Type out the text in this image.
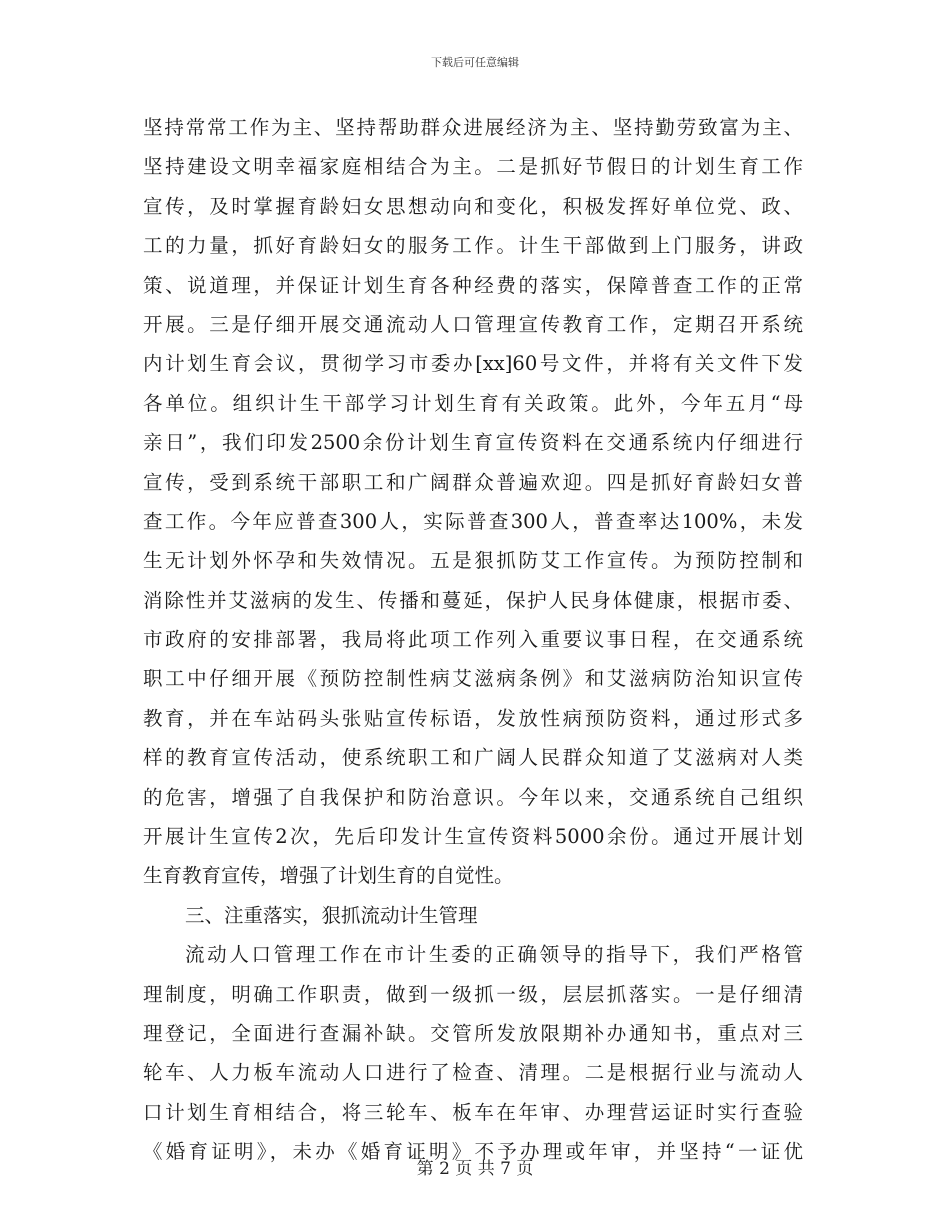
下载后可任意编辑
坚持常常工作为主、坚持帮助群众进展经济为主、坚持勤劳致富为主、
坚持建设文明幸福家庭相结合为主。二是抓好节假日的计划生育工作
宣传，及时掌握育龄妇女思想动向和变化，积极发挥好单位党、政、
工的力量，抓好育龄妇女的服务工作。计生干部做到上门服务，讲政
策、说道理，并保证计划生育各种经费的落实，保障普查工作的正常
开展。三是仔细开展交通流动人口管理宣传教育工作，定期召开系统
内计划生育会议，贯彻学习市委办[xx]60号文件，并将有关文件下发
各单位。组织计生干部学习计划生育有关政策。此外，今年五月“母
亲日”，我们印发2500余份计划生育宣传资料在交通系统内仔细进行
宣传，受到系统干部职工和广阔群众普遍欢迎。四是抓好育龄妇女普
查工作。今年应普查300人，实际普查300人，普查率达100%，未发
生无计划外怀孕和失效情况。五是狠抓防艾工作宣传。为预防控制和
消除性并艾滋病的发生、传播和蔓延，保护人民身体健康，根据市委、
市政府的安排部署，我局将此项工作列入重要议事日程，在交通系统
职工中仔细开展《预防控制性病艾滋病条例》和艾滋病防治知识宣传
教育，并在车站码头张贴宣传标语，发放性病预防资料，通过形式多
样的教育宣传活动，使系统职工和广阔人民群众知道了艾滋病对人类
的危害，增强了自我保护和防治意识。今年以来，交通系统自己组织
开展计生宣传2次，先后印发计生宣传资料5000余份。通过开展计划
生育教育宣传，增强了计划生育的自觉性。
三、注重落实，狠抓流动计生管理
流动人口管理工作在市计生委的正确领导的指导下，我们严格管
理制度，明确工作职责，做到一级抓一级，层层抓落实。一是仔细清
理登记，全面进行查漏补缺。交管所发放限期补办通知书，重点对三
轮车、人力板车流动人口进行了检查、清理。二是根据行业与流动人
口计划生育相结合，将三轮车、板车在年审、办理营运证时实行查验
《婚育证明》，未办《婚育证明》不予办理或年审，并坚持“一证优
第 2 页 共 7 页
